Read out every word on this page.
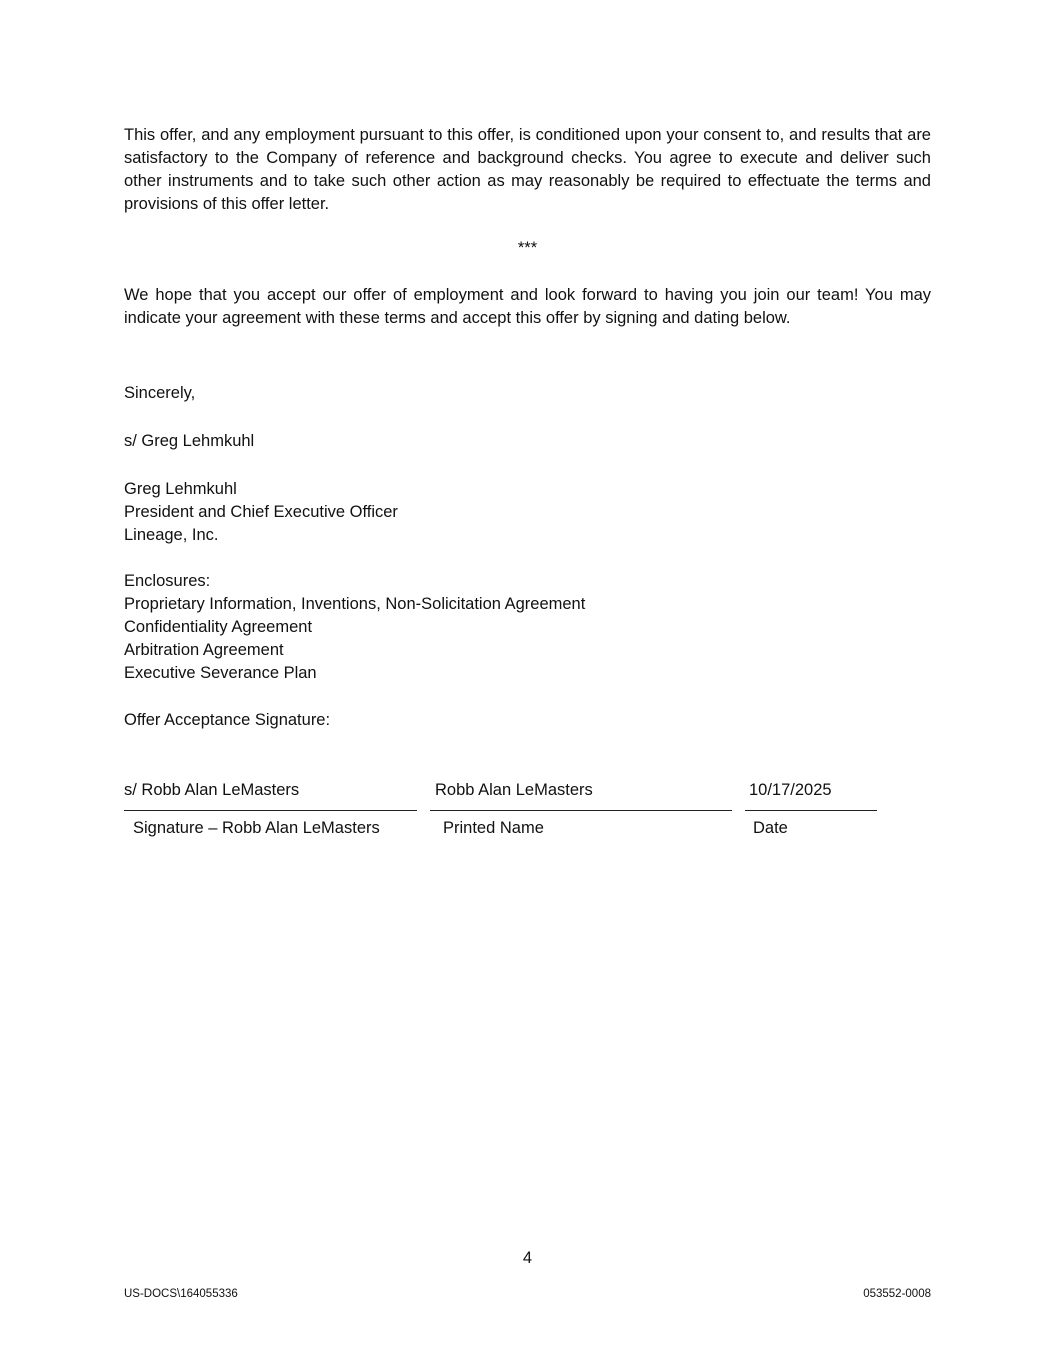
This offer, and any employment pursuant to this offer, is conditioned upon your consent to, and results that are satisfactory to the Company of reference and background checks. You agree to execute and deliver such other instruments and to take such other action as may reasonably be required to effectuate the terms and provisions of this offer letter.

***

We hope that you accept our offer of employment and look forward to having you join our team! You may indicate your agreement with these terms and accept this offer by signing and dating below.

Sincerely,

s/ Greg Lehmkuhl

Greg Lehmkuhl

President and Chief Executive Officer

Lineage, Inc.

Enclosures:

Proprietary Information, Inventions, Non-Solicitation Agreement

Confidentiality Agreement

Arbitration Agreement

Executive Severance Plan

Offer Acceptance Signature:

s/ Robb Alan LeMasters	Robb Alan LeMasters	10/17/2025
Signature – Robb Alan LeMasters	Printed Name	Date

4

US-DOCS\164055336	053552-0008
